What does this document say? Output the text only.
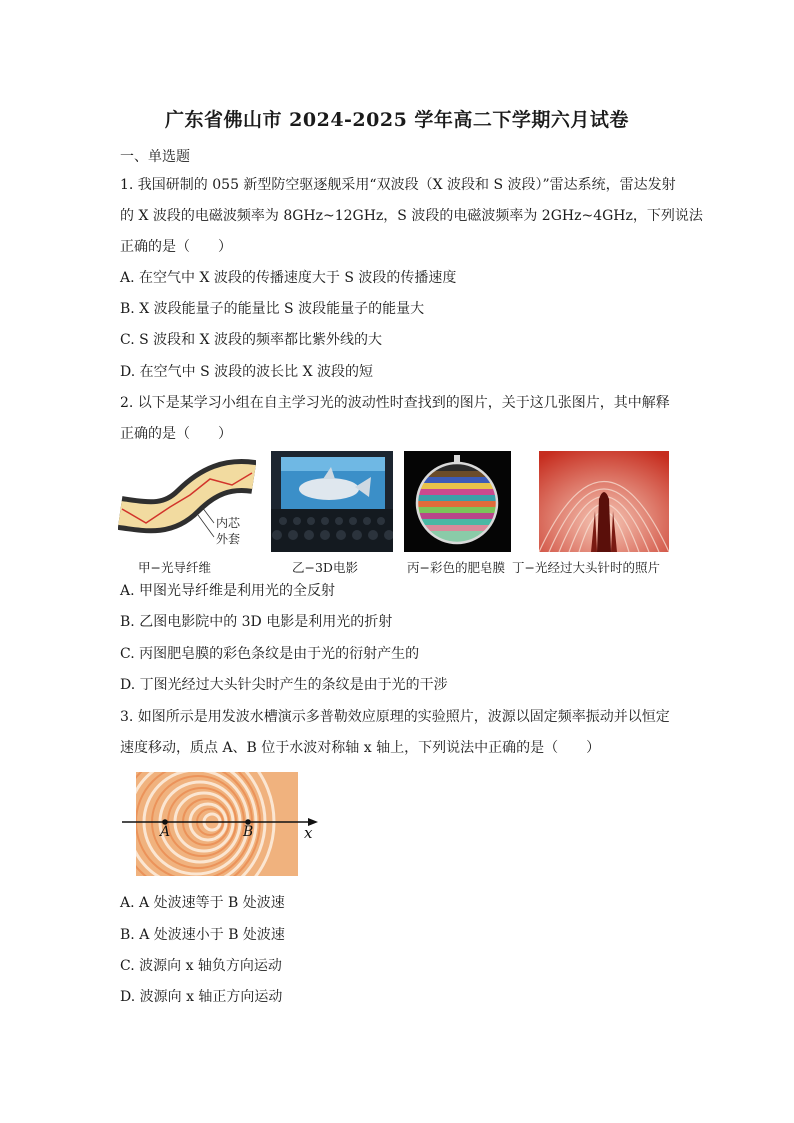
广东省佛山市 2024-2025 学年高二下学期六月试卷
一、单选题
1. 我国研制的 055 新型防空驱逐舰采用“双波段（X 波段和 S 波段）”雷达系统，雷达发射
的 X 波段的电磁波频率为 8GHz~12GHz，S 波段的电磁波频率为 2GHz~4GHz，下列说法
正确的是（　　）
A. 在空气中 X 波段的传播速度大于 S 波段的传播速度
B. X 波段能量子的能量比 S 波段能量子的能量大
C. S 波段和 X 波段的频率都比紫外线的大
D. 在空气中 S 波段的波长比 X 波段的短
2. 以下是某学习小组在自主学习光的波动性时查找到的图片，关于这几张图片，其中解释
正确的是（　　）
内芯
外套
甲−光导纤维	乙−3D电影	丙−彩色的肥皂膜 丁−光经过大头针时的照片
A. 甲图光导纤维是利用光的全反射
B. 乙图电影院中的 3D 电影是利用光的折射
C. 丙图肥皂膜的彩色条纹是由于光的衍射产生的
D. 丁图光经过大头针尖时产生的条纹是由于光的干涉
3. 如图所示是用发波水槽演示多普勒效应原理的实验照片，波源以固定频率振动并以恒定
速度移动，质点 A、B 位于水波对称轴 x 轴上，下列说法中正确的是（　　）
A	B	x
A. A 处波速等于 B 处波速
B. A 处波速小于 B 处波速
C. 波源向 x 轴负方向运动
D. 波源向 x 轴正方向运动
